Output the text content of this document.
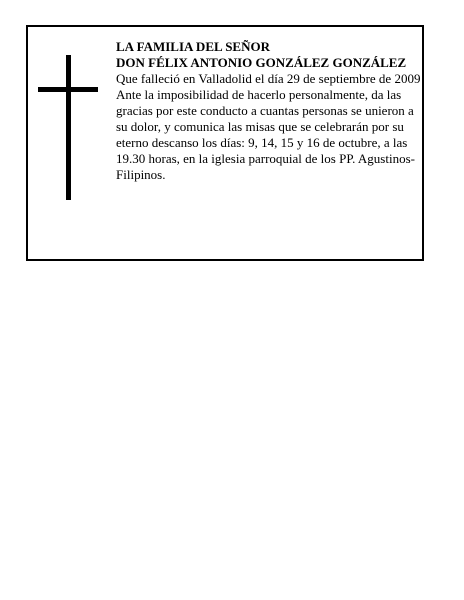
LA FAMILIA DEL SEÑOR

DON FÉLIX ANTONIO GONZÁLEZ GONZÁLEZ

Que falleció en Valladolid el día 29 de septiembre de 2009

Ante la imposibilidad de hacerlo personalmente, da las gracias por este conducto a cuantas personas se unieron a su dolor, y comunica las misas que se celebrarán por su eterno descanso los días: 9, 14, 15 y 16 de octubre, a las 19.30 horas, en la iglesia parroquial de los PP. Agustinos-Filipinos.
